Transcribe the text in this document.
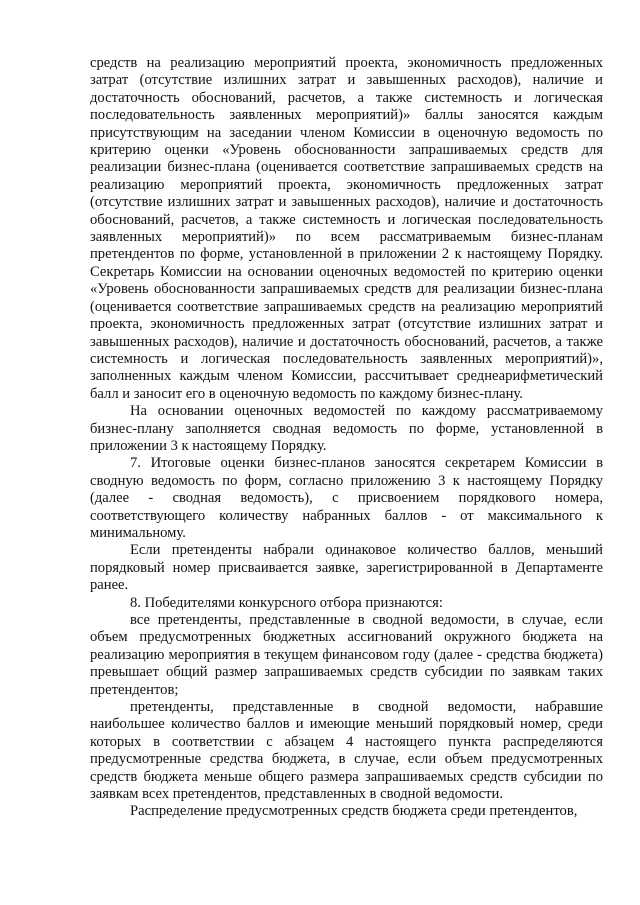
средств на реализацию мероприятий проекта, экономичность предложенных затрат (отсутствие излишних затрат и завышенных расходов), наличие и достаточность обоснований, расчетов, а также системность и логическая последовательность заявленных мероприятий)» баллы заносятся каждым присутствующим на заседании членом Комиссии в оценочную ведомость по критерию оценки «Уровень обоснованности запрашиваемых средств для реализации бизнес-плана (оценивается соответствие запрашиваемых средств на реализацию мероприятий проекта, экономичность предложенных затрат (отсутствие излишних затрат и завышенных расходов), наличие и достаточность обоснований, расчетов, а также системность и логическая последовательность заявленных мероприятий)» по всем рассматриваемым бизнес-планам претендентов по форме, установленной в приложении 2 к настоящему Порядку. Секретарь Комиссии на основании оценочных ведомостей по критерию оценки «Уровень обоснованности запрашиваемых средств для реализации бизнес-плана (оценивается соответствие запрашиваемых средств на реализацию мероприятий проекта, экономичность предложенных затрат (отсутствие излишних затрат и завышенных расходов), наличие и достаточность обоснований, расчетов, а также системность и логическая последовательность заявленных мероприятий)», заполненных каждым членом Комиссии, рассчитывает среднеарифметический балл и заносит его в оценочную ведомость по каждому бизнес-плану.

На основании оценочных ведомостей по каждому рассматриваемому бизнес-плану заполняется сводная ведомость по форме, установленной в приложении 3 к настоящему Порядку.

7. Итоговые оценки бизнес-планов заносятся секретарем Комиссии в сводную ведомость по форм, согласно приложению 3 к настоящему Порядку (далее - сводная ведомость), с присвоением порядкового номера, соответствующего количеству набранных баллов - от максимального к минимальному.

Если претенденты набрали одинаковое количество баллов, меньший порядковый номер присваивается заявке, зарегистрированной в Департаменте ранее.

8. Победителями конкурсного отбора признаются:

все претенденты, представленные в сводной ведомости, в случае, если объем предусмотренных бюджетных ассигнований окружного бюджета на реализацию мероприятия в текущем финансовом году (далее - средства бюджета) превышает общий размер запрашиваемых средств субсидии по заявкам таких претендентов;

претенденты, представленные в сводной ведомости, набравшие наибольшее количество баллов и имеющие меньший порядковый номер, среди которых в соответствии с абзацем 4 настоящего пункта распределяются предусмотренные средства бюджета, в случае, если объем предусмотренных средств бюджета меньше общего размера запрашиваемых средств субсидии по заявкам всех претендентов, представленных в сводной ведомости.

Распределение предусмотренных средств бюджета среди претендентов,
